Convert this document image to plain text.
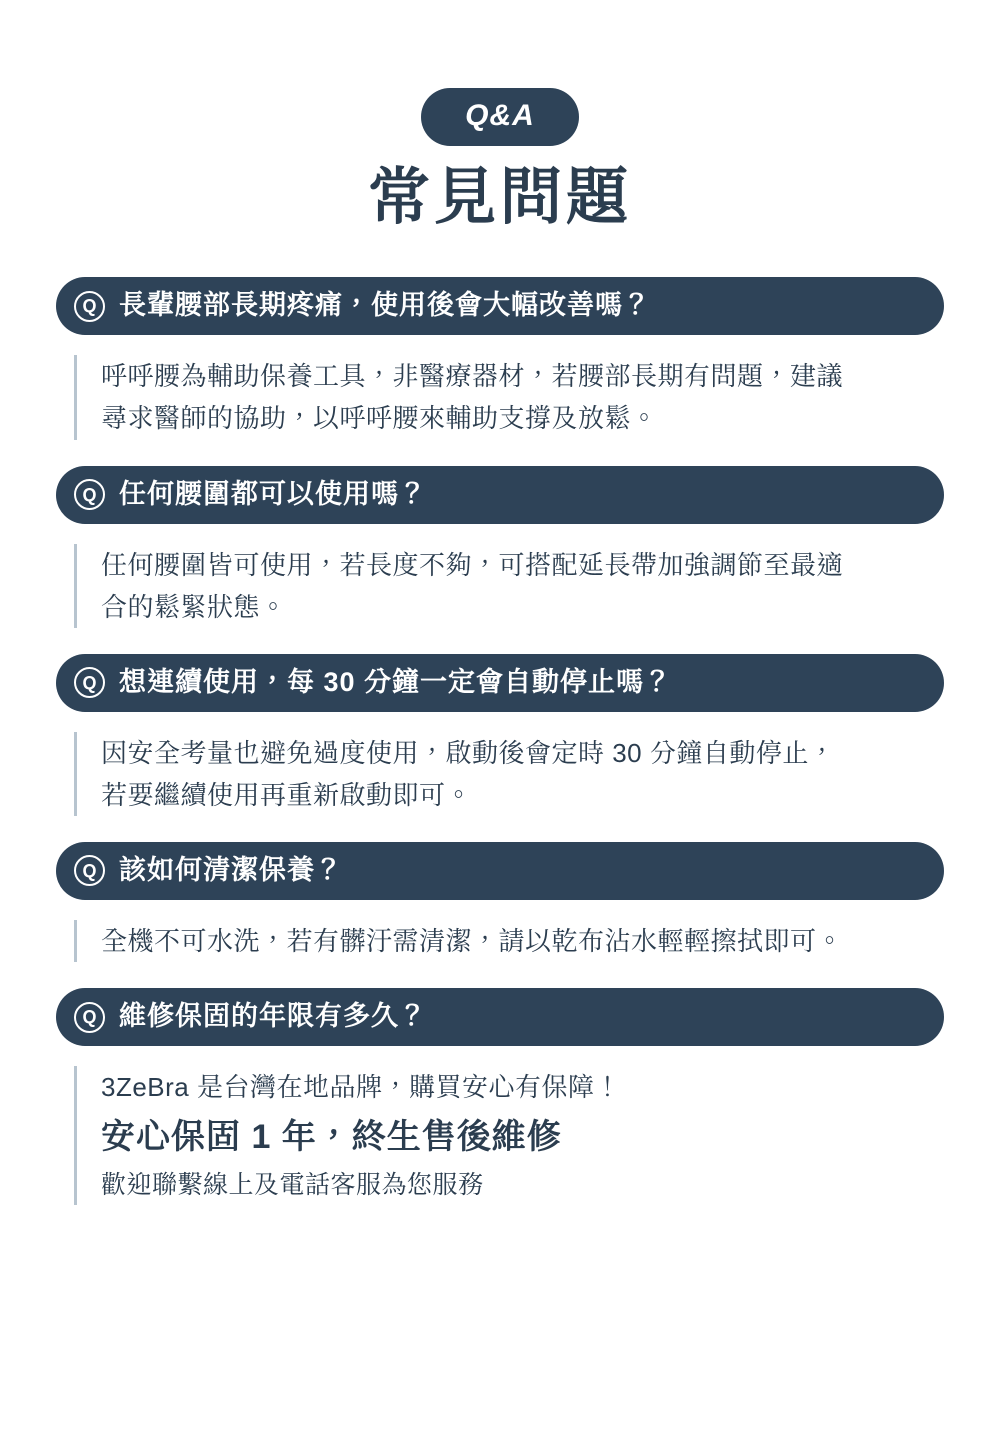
Q&A
常見問題
Q 長輩腰部長期疼痛，使用後會大幅改善嗎？
呼呼腰為輔助保養工具，非醫療器材，若腰部長期有問題，建議
尋求醫師的協助，以呼呼腰來輔助支撐及放鬆。
Q 任何腰圍都可以使用嗎？
任何腰圍皆可使用，若長度不夠，可搭配延長帶加強調節至最適
合的鬆緊狀態。
Q 想連續使用，每 30 分鐘一定會自動停止嗎？
因安全考量也避免過度使用，啟動後會定時 30 分鐘自動停止，
若要繼續使用再重新啟動即可。
Q 該如何清潔保養？
全機不可水洗，若有髒汙需清潔，請以乾布沾水輕輕擦拭即可。
Q 維修保固的年限有多久？
3ZeBra 是台灣在地品牌，購買安心有保障！
安心保固 1 年，終生售後維修
歡迎聯繫線上及電話客服為您服務
